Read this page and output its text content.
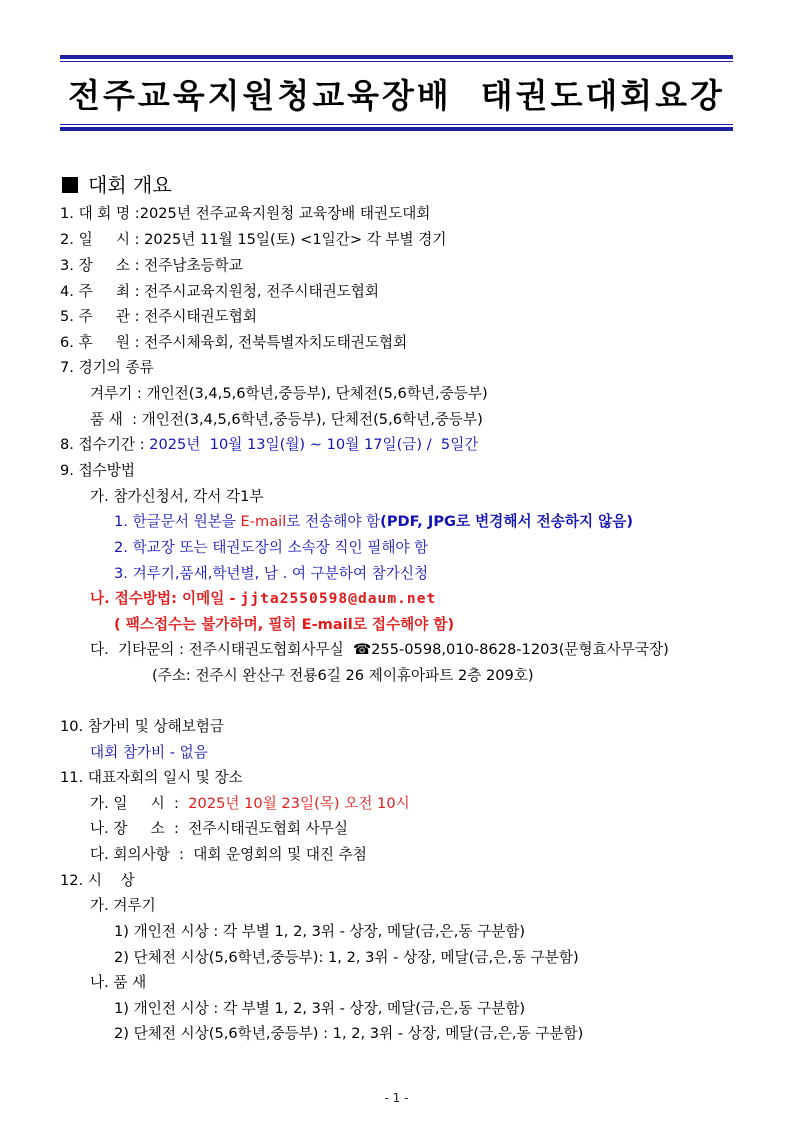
전주교육지원청교육장배  태권도대회요강
대회 개요
1. 대 회 명 :2025년 전주교육지원청 교육장배 태권도대회
2. 일     시 : 2025년 11월 15일(토) <1일간> 각 부별 경기
3. 장     소 : 전주남초등학교
4. 주     최 : 전주시교육지원청, 전주시태권도협회
5. 주     관 : 전주시태권도협회
6. 후     원 : 전주시체육회, 전북특별자치도태권도협회
7. 경기의 종류
겨루기 : 개인전(3,4,5,6학년,중등부), 단체전(5,6학년,중등부)
품 새  : 개인전(3,4,5,6학년,중등부), 단체전(5,6학년,중등부)
8. 접수기간 : 2025년  10월 13일(월) ~ 10월 17일(금) /  5일간
9. 접수방법
가. 참가신청서, 각서 각1부
1. 한글문서 원본을 E-mail로 전송해야 함(PDF, JPG로 변경해서 전송하지 않음)
2. 학교장 또는 태권도장의 소속장 직인 필해야 함
3. 겨루기,품새,학년별, 남 . 여 구분하여 참가신청
나. 접수방법: 이메일 - jjta2550598@daum.net
( 팩스접수는 불가하며, 필히 E-mail로 접수해야 함)
다.  기타문의 : 전주시태권도협회사무실  ☎255-0598,010-8628-1203(문형효사무국장)
(주소: 전주시 완산구 전룡6길 26 제이휴아파트 2층 209호)
10. 참가비 및 상해보험금
대회 참가비 - 없음
11. 대표자회의 일시 및 장소
가. 일     시  :  2025년 10월 23일(목) 오전 10시
나. 장     소  :  전주시태권도협회 사무실
다. 회의사항  :  대회 운영회의 및 대진 추첨
12. 시    상
가. 겨루기
1) 개인전 시상 : 각 부별 1, 2, 3위 - 상장, 메달(금,은,동 구분함)
2) 단체전 시상(5,6학년,중등부): 1, 2, 3위 - 상장, 메달(금,은,동 구분함)
나. 품 새
1) 개인전 시상 : 각 부별 1, 2, 3위 - 상장, 메달(금,은,동 구분함)
2) 단체전 시상(5,6학년,중등부) : 1, 2, 3위 - 상장, 메달(금,은,동 구분함)
- 1 -
